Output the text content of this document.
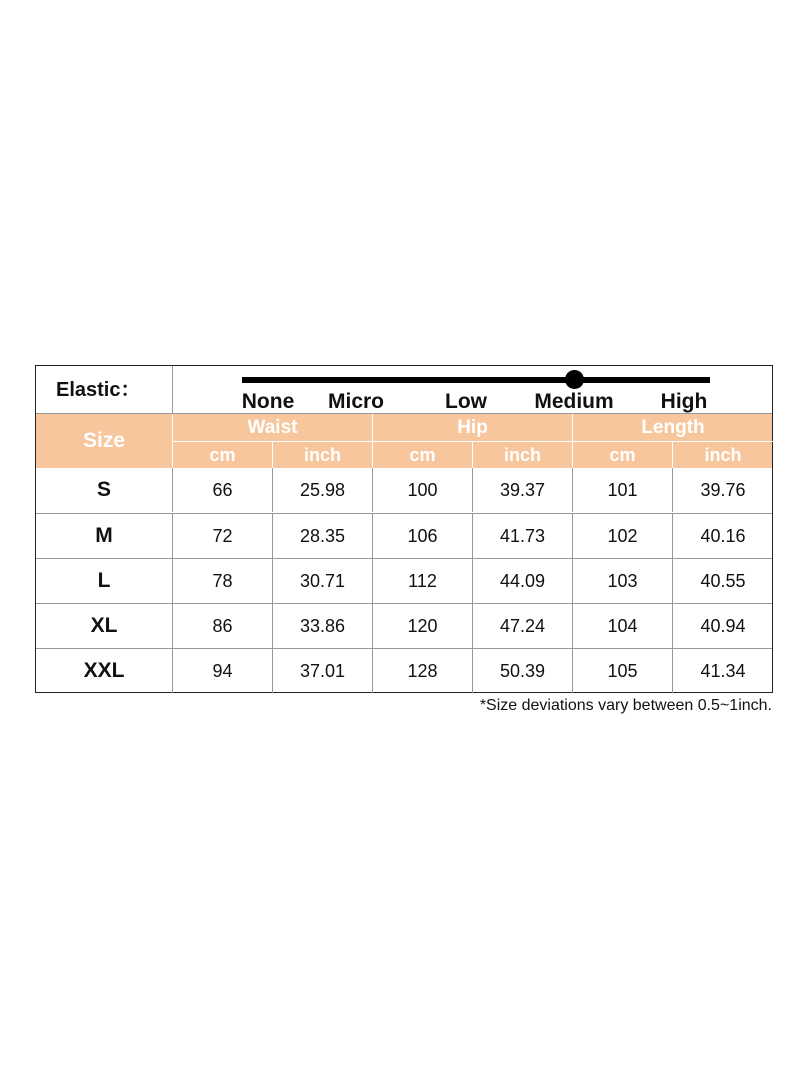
Elastic：	None Micro	Low Medium High
Size
Waist
cm	inch
Hip
cm	inch
Length
cm	inch
S	66	25.98	100	39.37	101	39.76
M	72	28.35	106	41.73	102	40.16
L	78	30.71	112	44.09	103	40.55
XL	86	33.86	120	47.24	104	40.94
XXL	94	37.01	128	50.39	105	41.34
*Size deviations vary between 0.5~1inch.
